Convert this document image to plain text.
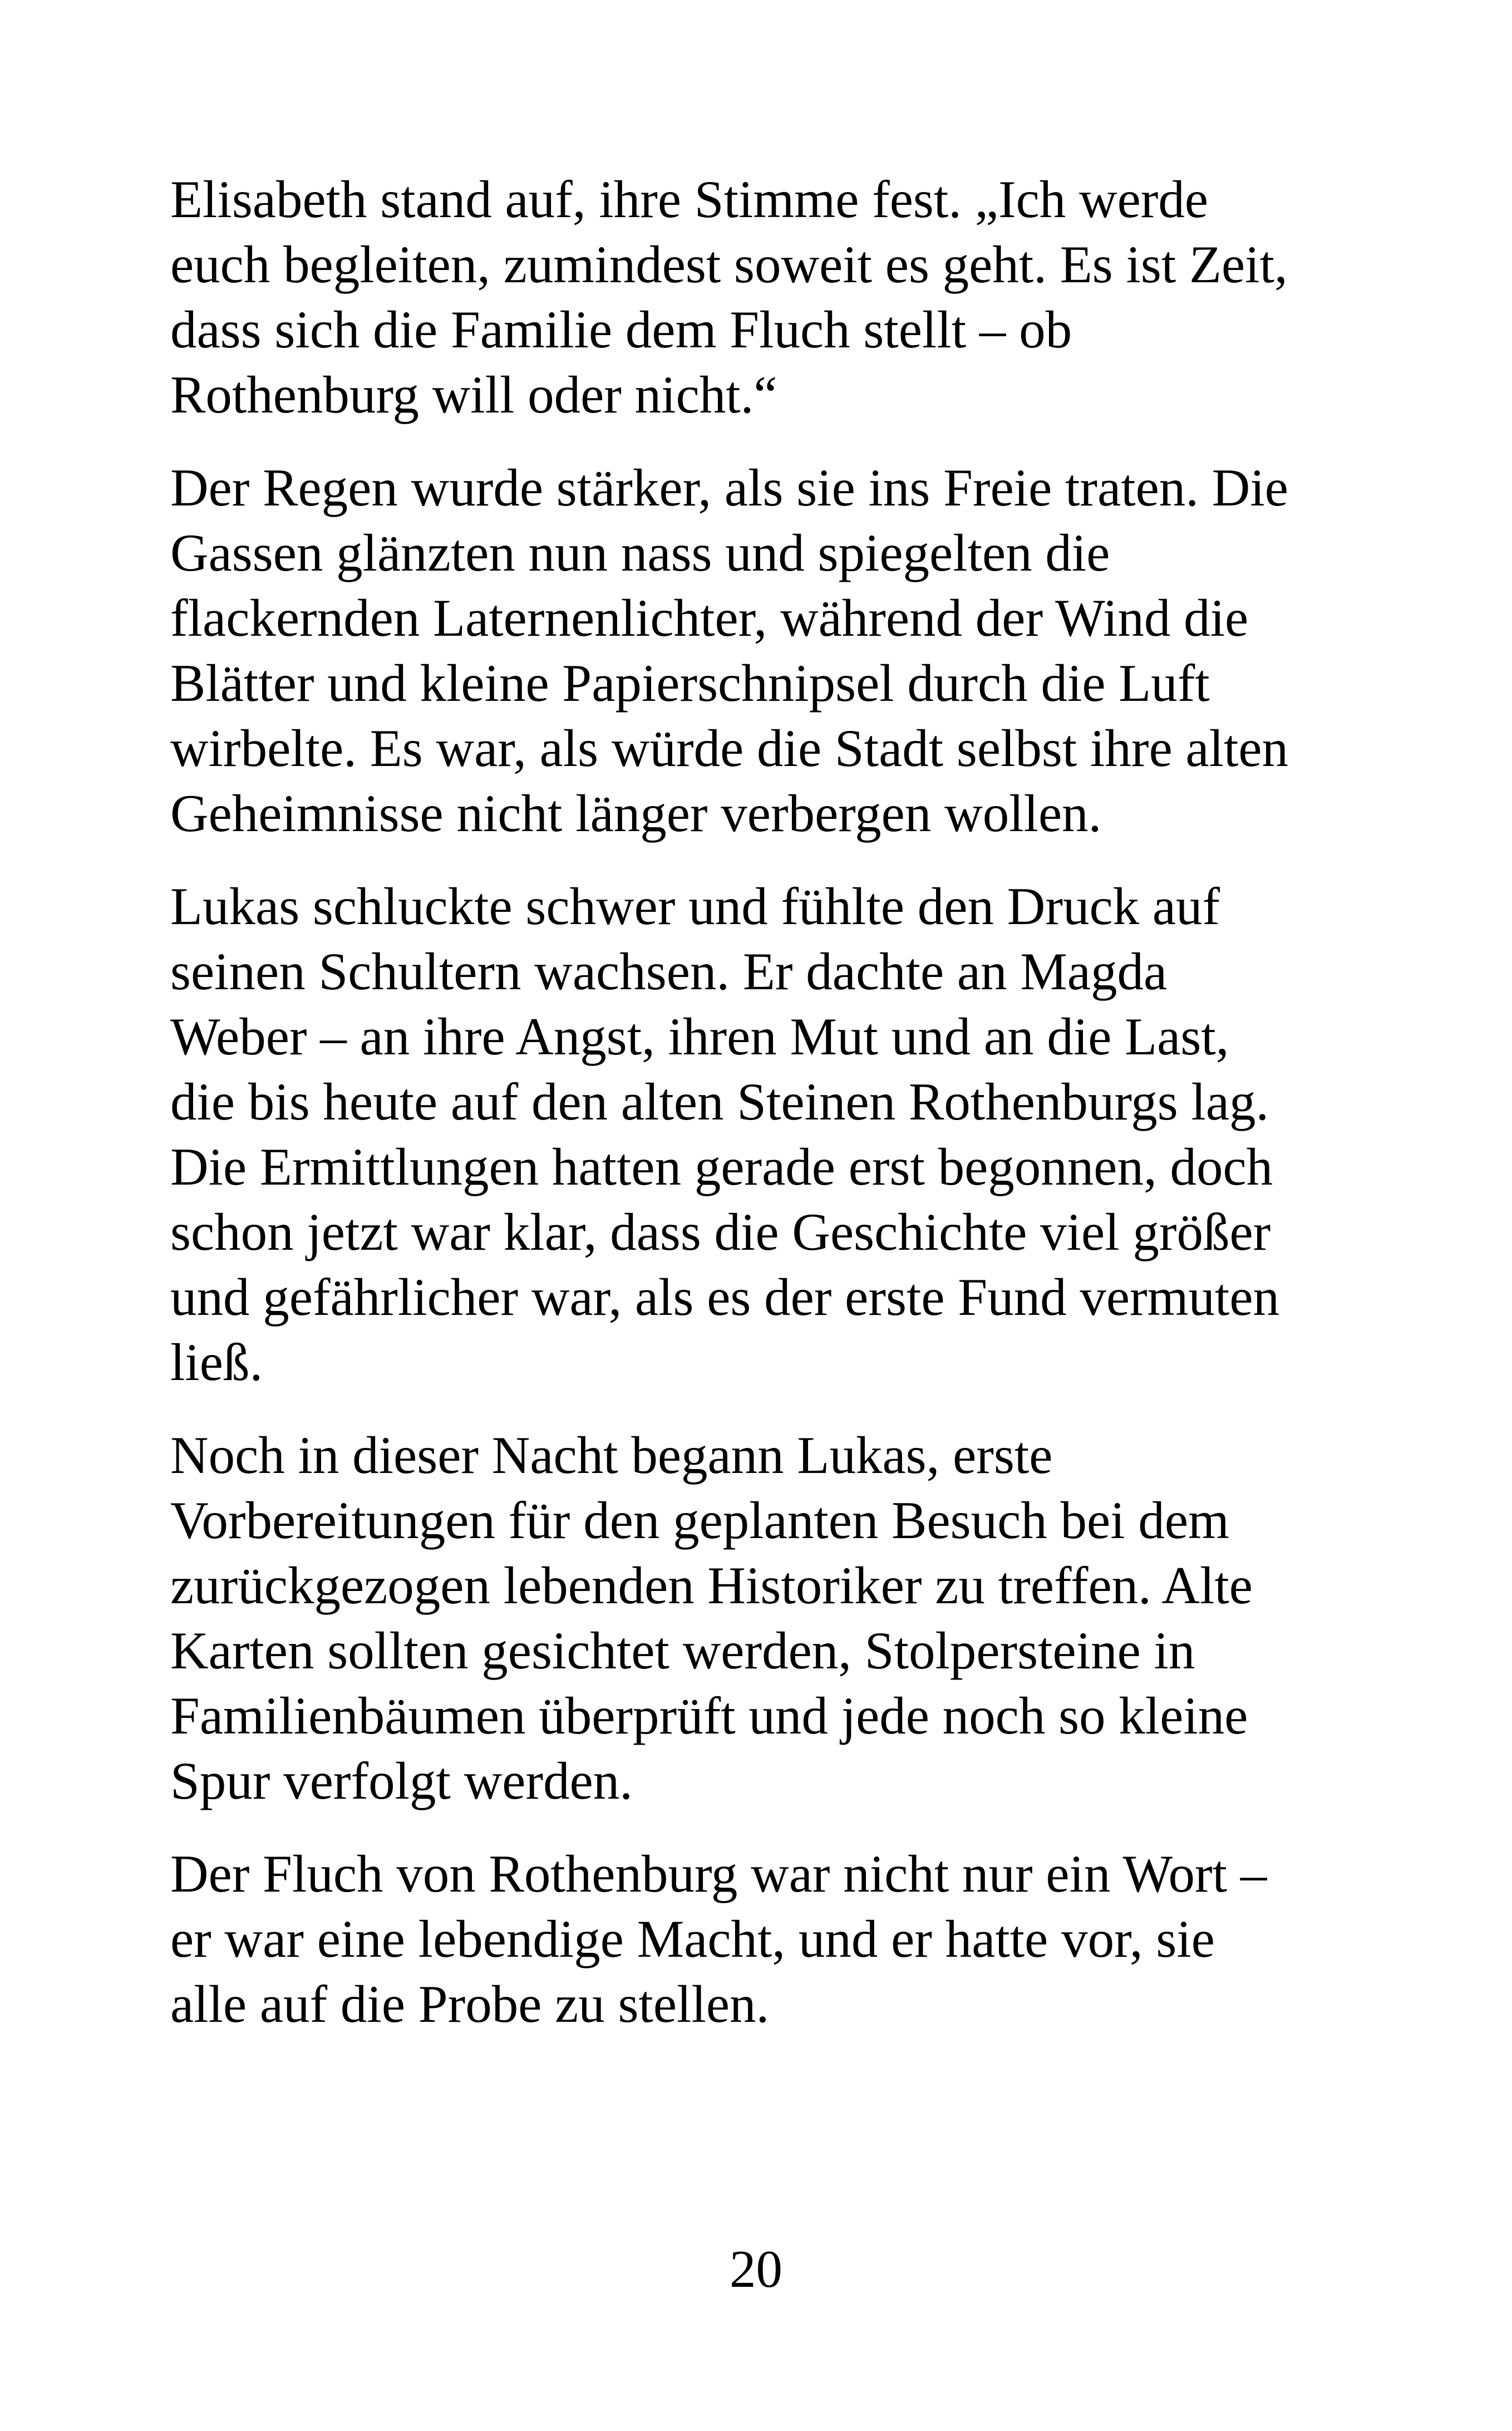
Elisabeth stand auf, ihre Stimme fest. „Ich werde
euch begleiten, zumindest soweit es geht. Es ist Zeit,
dass sich die Familie dem Fluch stellt – ob
Rothenburg will oder nicht.“

Der Regen wurde stärker, als sie ins Freie traten. Die
Gassen glänzten nun nass und spiegelten die
flackernden Laternenlichter, während der Wind die
Blätter und kleine Papierschnipsel durch die Luft
wirbelte. Es war, als würde die Stadt selbst ihre alten
Geheimnisse nicht länger verbergen wollen.

Lukas schluckte schwer und fühlte den Druck auf
seinen Schultern wachsen. Er dachte an Magda
Weber – an ihre Angst, ihren Mut und an die Last,
die bis heute auf den alten Steinen Rothenburgs lag.
Die Ermittlungen hatten gerade erst begonnen, doch
schon jetzt war klar, dass die Geschichte viel größer
und gefährlicher war, als es der erste Fund vermuten
ließ.

Noch in dieser Nacht begann Lukas, erste
Vorbereitungen für den geplanten Besuch bei dem
zurückgezogen lebenden Historiker zu treffen. Alte
Karten sollten gesichtet werden, Stolpersteine in
Familienbäumen überprüft und jede noch so kleine
Spur verfolgt werden.

Der Fluch von Rothenburg war nicht nur ein Wort –
er war eine lebendige Macht, und er hatte vor, sie
alle auf die Probe zu stellen.

20
